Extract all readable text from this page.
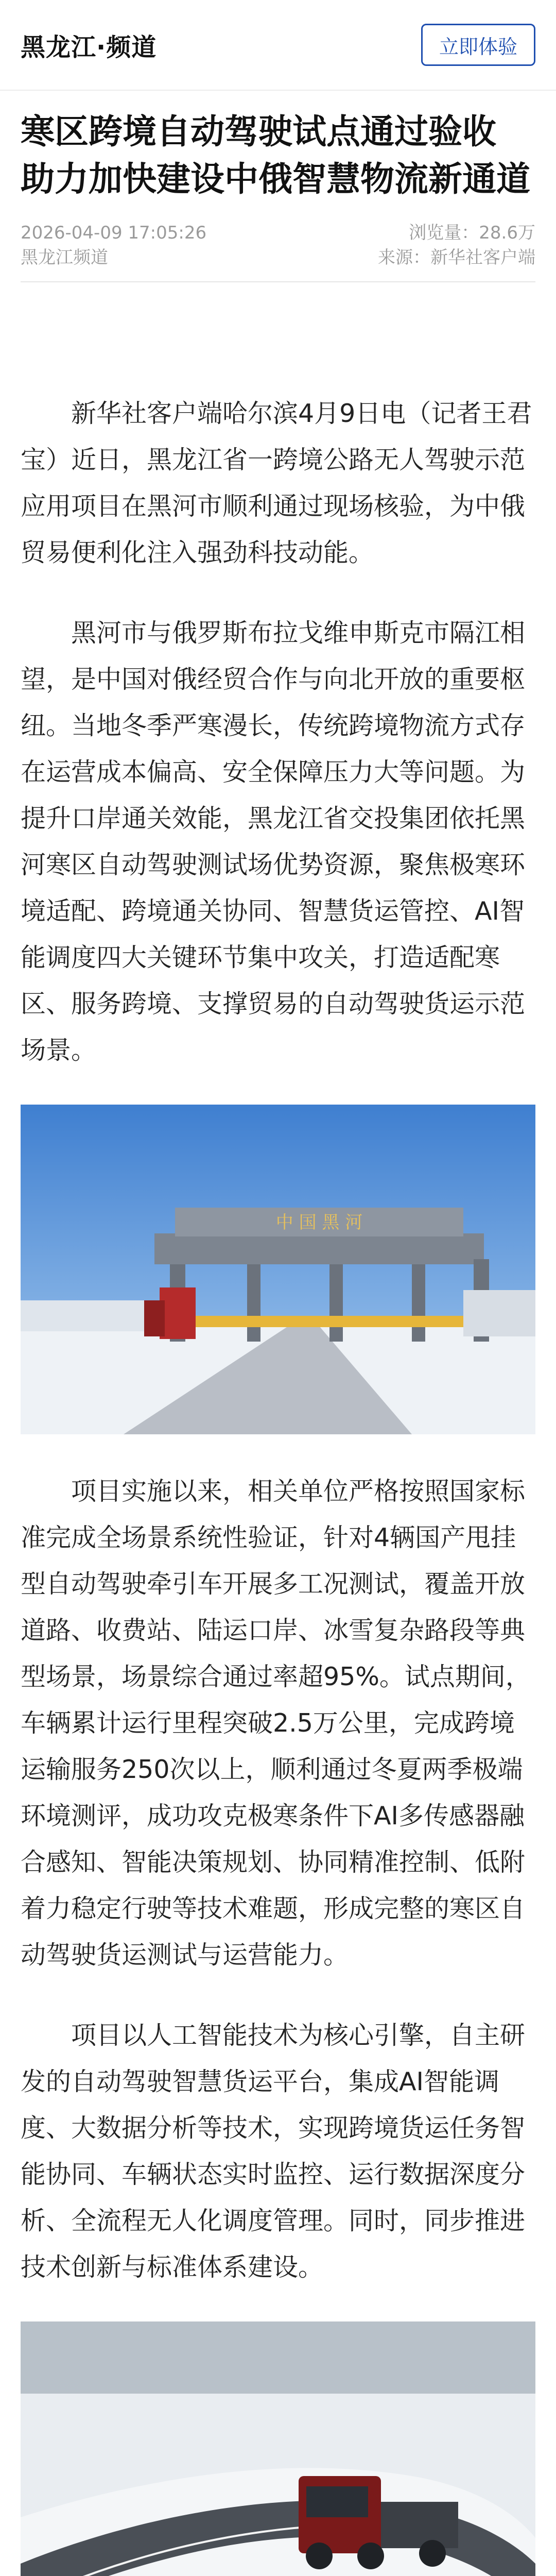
黑龙江·频道	立即体验
寒区跨境自动驾驶试点通过验收 助力加快建设中俄智慧物流新通道
2026-04-09 17:05:26	浏览量：28.6万
黑龙江频道	来源：新华社客户端

新华社客户端哈尔滨4月9日电（记者王君宝）近日，黑龙江省一跨境公路无人驾驶示范应用项目在黑河市顺利通过现场核验，为中俄贸易便利化注入强劲科技动能。

黑河市与俄罗斯布拉戈维申斯克市隔江相望，是中国对俄经贸合作与向北开放的重要枢纽。当地冬季严寒漫长，传统跨境物流方式存在运营成本偏高、安全保障压力大等问题。为提升口岸通关效能，黑龙江省交投集团依托黑河寒区自动驾驶测试场优势资源，聚焦极寒环境适配、跨境通关协同、智慧货运管控、AI智能调度四大关键环节集中攻关，打造适配寒区、服务跨境、支撑贸易的自动驾驶货运示范场景。

中 国 黑 河

项目实施以来，相关单位严格按照国家标准完成全场景系统性验证，针对4辆国产甩挂型自动驾驶牵引车开展多工况测试，覆盖开放道路、收费站、陆运口岸、冰雪复杂路段等典型场景，场景综合通过率超95%。试点期间，车辆累计运行里程突破2.5万公里，完成跨境运输服务250次以上，顺利通过冬夏两季极端环境测评，成功攻克极寒条件下AI多传感器融合感知、智能决策规划、协同精准控制、低附着力稳定行驶等技术难题，形成完整的寒区自动驾驶货运测试与运营能力。

项目以人工智能技术为核心引擎，自主研发的自动驾驶智慧货运平台，集成AI智能调度、大数据分析等技术，实现跨境货运任务智能协同、车辆状态实时监控、运行数据深度分析、全流程无人化调度管理。同时，同步推进技术创新与标准体系建设。
